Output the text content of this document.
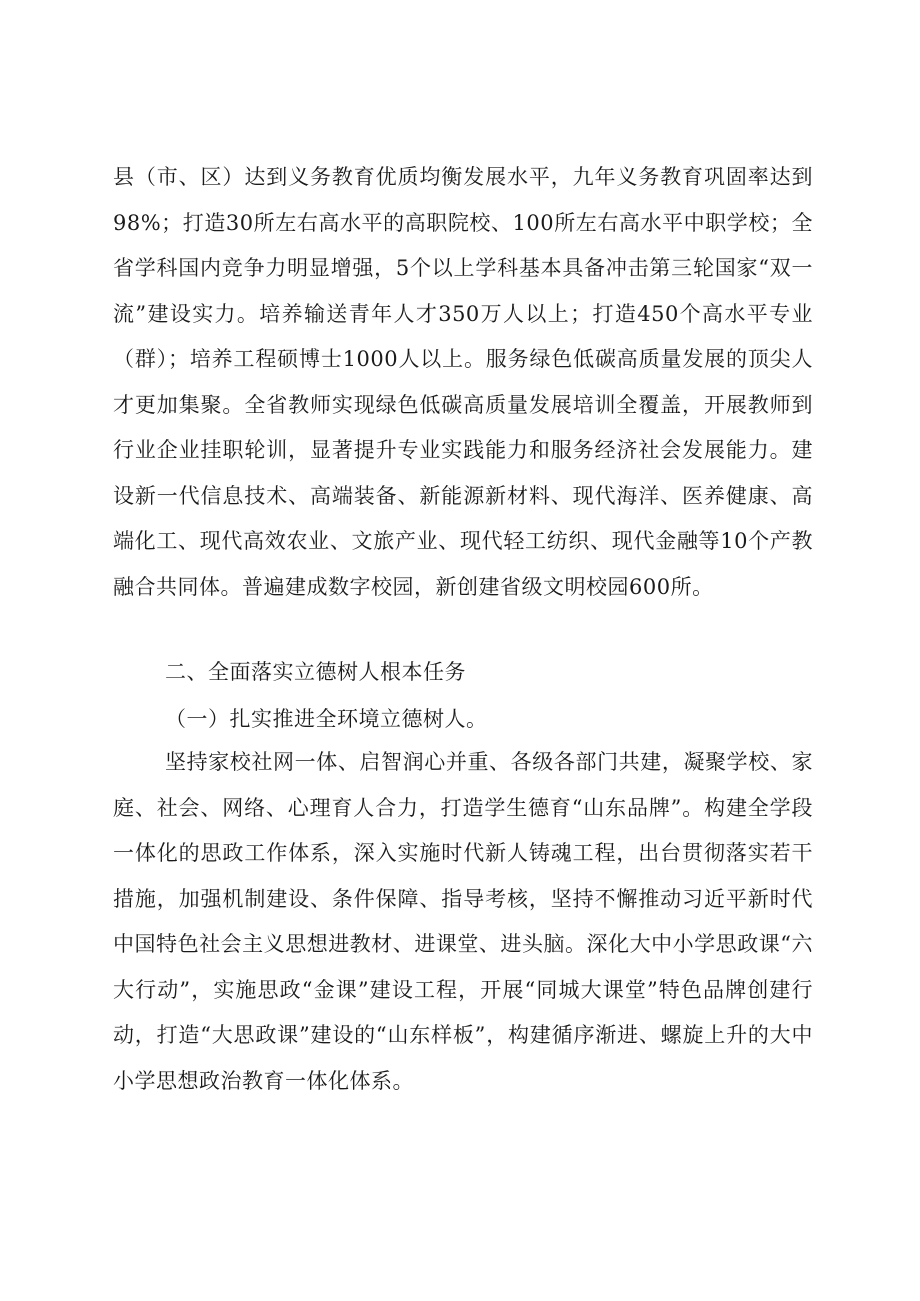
县（市、区）达到义务教育优质均衡发展水平，九年义务教育巩固率达到98%；打造30所左右高水平的高职院校、100所左右高水平中职学校；全省学科国内竞争力明显增强，5个以上学科基本具备冲击第三轮国家“双一流”建设实力。培养输送青年人才350万人以上；打造450个高水平专业（群）；培养工程硕博士1000人以上。服务绿色低碳高质量发展的顶尖人才更加集聚。全省教师实现绿色低碳高质量发展培训全覆盖，开展教师到行业企业挂职轮训，显著提升专业实践能力和服务经济社会发展能力。建设新一代信息技术、高端装备、新能源新材料、现代海洋、医养健康、高端化工、现代高效农业、文旅产业、现代轻工纺织、现代金融等10个产教融合共同体。普遍建成数字校园，新创建省级文明校园600所。

二、全面落实立德树人根本任务
（一）扎实推进全环境立德树人。

坚持家校社网一体、启智润心并重、各级各部门共建，凝聚学校、家庭、社会、网络、心理育人合力，打造学生德育“山东品牌”。构建全学段一体化的思政工作体系，深入实施时代新人铸魂工程，出台贯彻落实若干措施，加强机制建设、条件保障、指导考核，坚持不懈推动习近平新时代中国特色社会主义思想进教材、进课堂、进头脑。深化大中小学思政课“六大行动”，实施思政“金课”建设工程，开展“同城大课堂”特色品牌创建行动，打造“大思政课”建设的“山东样板”，构建循序渐进、螺旋上升的大中小学思想政治教育一体化体系。
